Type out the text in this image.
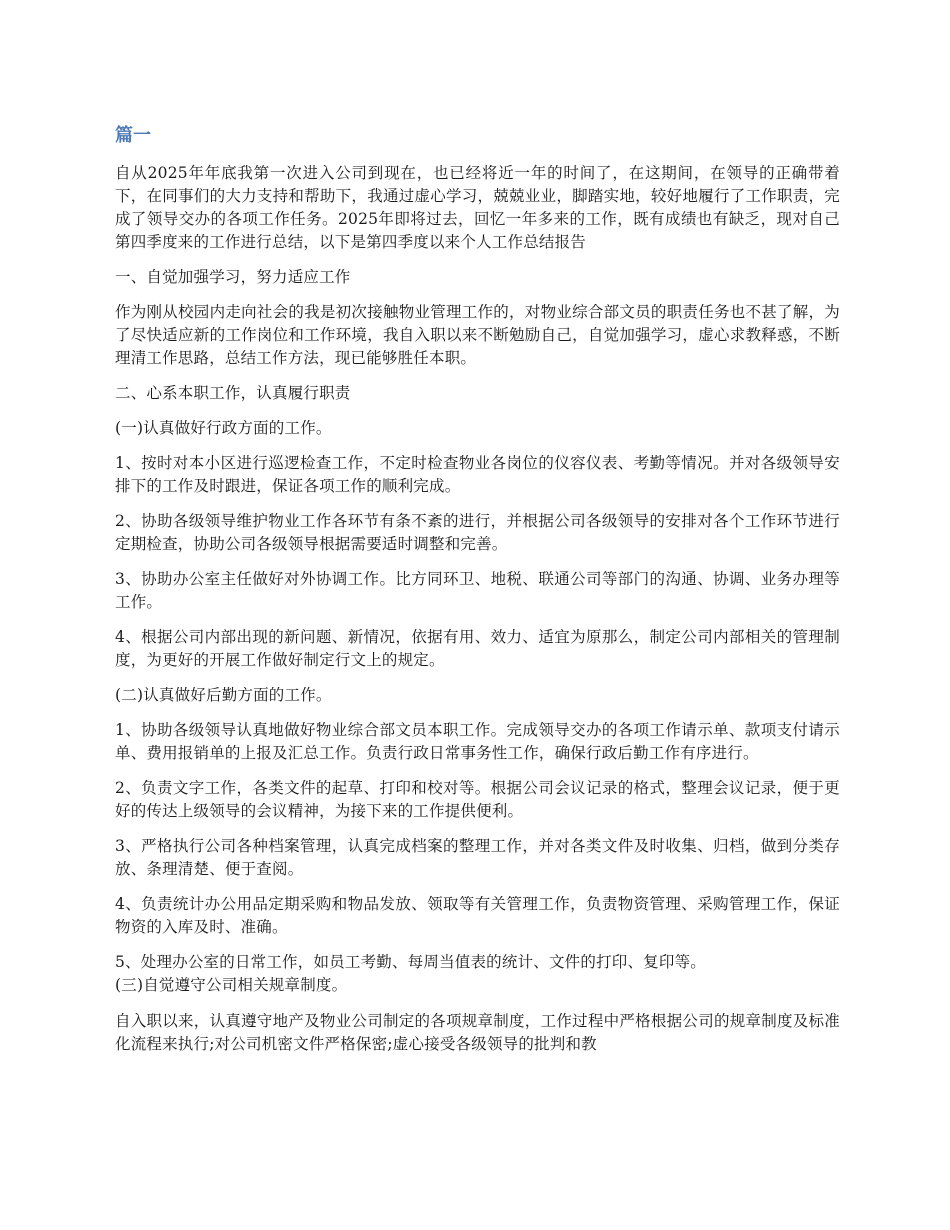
篇一

自从2025年年底我第一次进入公司到现在，也已经将近一年的时间了，在这期间，在领导的正确带着下，在同事们的大力支持和帮助下，我通过虚心学习，兢兢业业，脚踏实地，较好地履行了工作职责，完成了领导交办的各项工作任务。2025年即将过去，回忆一年多来的工作，既有成绩也有缺乏，现对自己第四季度来的工作进行总结，以下是第四季度以来个人工作总结报告

一、自觉加强学习，努力适应工作

作为刚从校园内走向社会的我是初次接触物业管理工作的，对物业综合部文员的职责任务也不甚了解，为了尽快适应新的工作岗位和工作环境，我自入职以来不断勉励自己，自觉加强学习，虚心求教释惑，不断理清工作思路，总结工作方法，现已能够胜任本职。

二、心系本职工作，认真履行职责

(一)认真做好行政方面的工作。

1、按时对本小区进行巡逻检查工作，不定时检查物业各岗位的仪容仪表、考勤等情况。并对各级领导安排下的工作及时跟进，保证各项工作的顺利完成。

2、协助各级领导维护物业工作各环节有条不紊的进行，并根据公司各级领导的安排对各个工作环节进行定期检查，协助公司各级领导根据需要适时调整和完善。

3、协助办公室主任做好对外协调工作。比方同环卫、地税、联通公司等部门的沟通、协调、业务办理等工作。

4、根据公司内部出现的新问题、新情况，依据有用、效力、适宜为原那么，制定公司内部相关的管理制度，为更好的开展工作做好制定行文上的规定。

(二)认真做好后勤方面的工作。

1、协助各级领导认真地做好物业综合部文员本职工作。完成领导交办的各项工作请示单、款项支付请示单、费用报销单的上报及汇总工作。负责行政日常事务性工作，确保行政后勤工作有序进行。

2、负责文字工作，各类文件的起草、打印和校对等。根据公司会议记录的格式，整理会议记录，便于更好的传达上级领导的会议精神，为接下来的工作提供便利。

3、严格执行公司各种档案管理，认真完成档案的整理工作，并对各类文件及时收集、归档，做到分类存放、条理清楚、便于查阅。

4、负责统计办公用品定期采购和物品发放、领取等有关管理工作，负责物资管理、采购管理工作，保证物资的入库及时、准确。

5、处理办公室的日常工作，如员工考勤、每周当值表的统计、文件的打印、复印等。

(三)自觉遵守公司相关规章制度。

自入职以来，认真遵守地产及物业公司制定的各项规章制度，工作过程中严格根据公司的规章制度及标准化流程来执行;对公司机密文件严格保密;虚心接受各级领导的批判和教
